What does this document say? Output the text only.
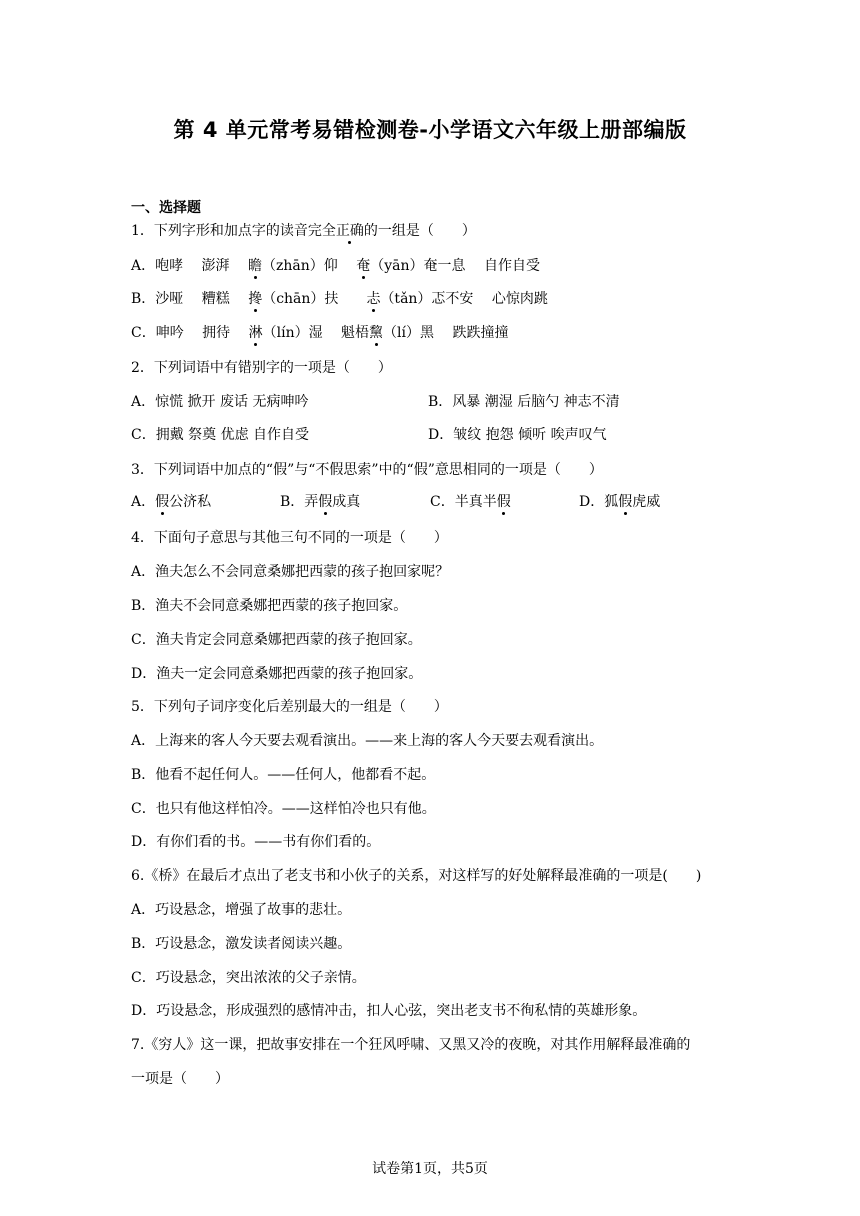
第 4 单元常考易错检测卷-小学语文六年级上册部编版
一、选择题
1．下列字形和加点字的读音完全正确的一组是（　　）
A．咆哮　 澎湃　 瞻（zhān）仰　 奄（yān）奄一息　 自作自受
B．沙哑　 糟糕　 搀（chān）扶　　忐（tǎn）忑不安　 心惊肉跳
C．呻吟　 拥待　 淋（lín）湿　 魁梧黧（lí）黑　 跌跌撞撞
2．下列词语中有错别字的一项是（　　）
A．惊慌 掀开 废话 无病呻吟	B．风暴 潮湿 后脑勺 神志不清
C．拥戴 祭奠 优虑 自作自受	D．皱纹 抱怨 倾听 唉声叹气
3．下列词语中加点的“假”与“不假思索”中的“假”意思相同的一项是（　　）
A．假公济私	B．弄假成真	C．半真半假	D．狐假虎威
4．下面句子意思与其他三句不同的一项是（　　）
A．渔夫怎么不会同意桑娜把西蒙的孩子抱回家呢？
B．渔夫不会同意桑娜把西蒙的孩子抱回家。
C．渔夫肯定会同意桑娜把西蒙的孩子抱回家。
D．渔夫一定会同意桑娜把西蒙的孩子抱回家。
5．下列句子词序变化后差别最大的一组是（　　）
A．上海来的客人今天要去观看演出。——来上海的客人今天要去观看演出。
B．他看不起任何人。——任何人，他都看不起。
C．也只有他这样怕冷。——这样怕冷也只有他。
D．有你们看的书。——书有你们看的。
6.《桥》在最后才点出了老支书和小伙子的关系，对这样写的好处解释最准确的一项是(　　)
A．巧设悬念，增强了故事的悲壮。
B．巧设悬念，激发读者阅读兴趣。
C．巧设悬念，突出浓浓的父子亲情。
D．巧设悬念，形成强烈的感情冲击，扣人心弦，突出老支书不徇私情的英雄形象。
7.《穷人》这一课，把故事安排在一个狂风呼啸、又黑又冷的夜晚，对其作用解释最准确的
一项是（　　）
试卷第1页，共5页
